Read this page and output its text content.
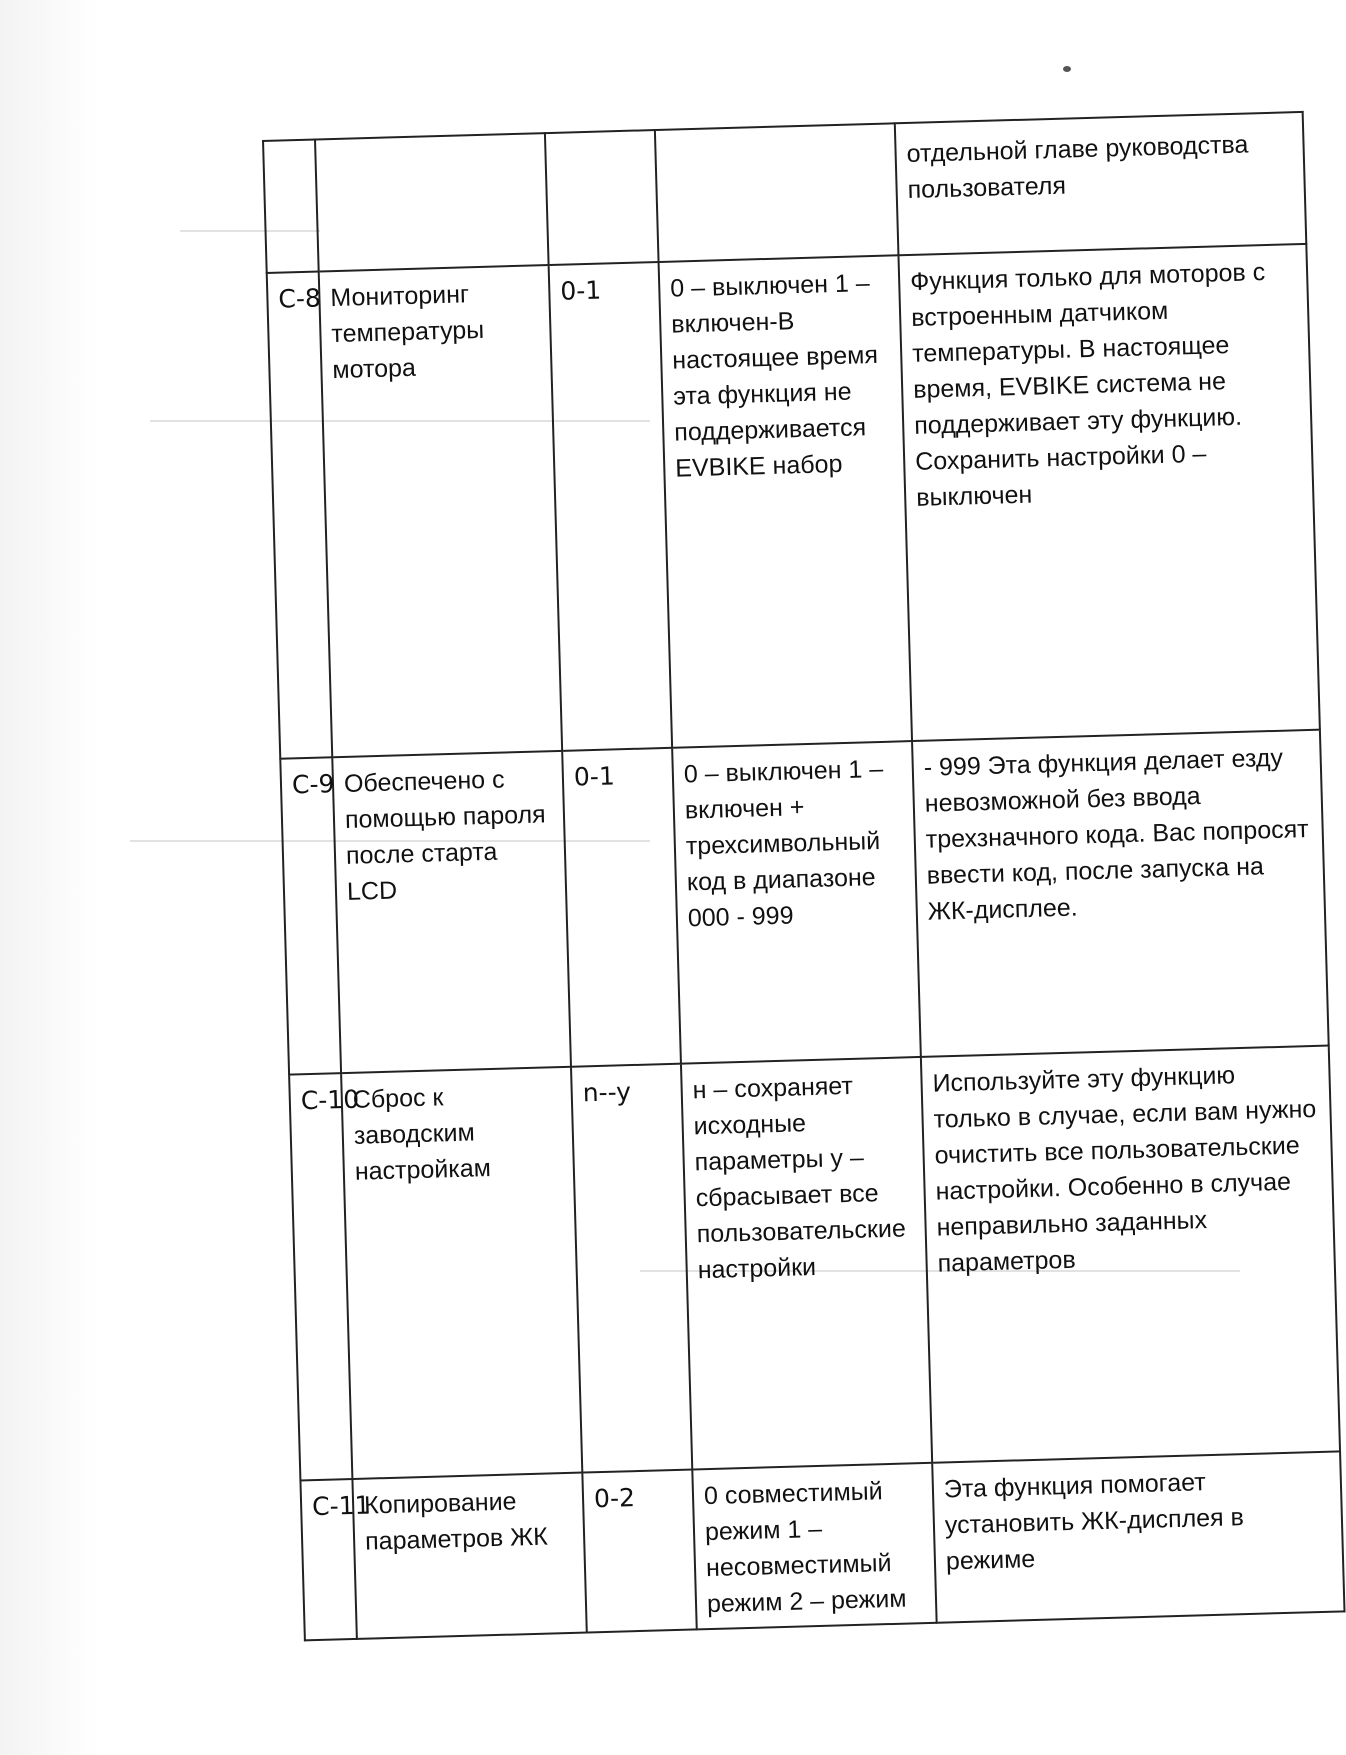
				отдельной главе руководства пользователя
С-8	Мониторинг температуры мотора	0-1	0 – выключен 1 – включен-В настоящее время эта функция не поддерживается EVBIKE набор	Функция только для моторов с встроенным датчиком температуры. В настоящее время, EVBIKE система не поддерживает эту функцию. Сохранить настройки 0 – выключен
С-9	Обеспечено с помощью пароля после старта LCD	0-1	0 – выключен 1 – включен + трехсимвольный код в диапазоне 000 - 999	- 999 Эта функция делает езду невозможной без ввода трехзначного кода. Вас попросят ввести код, после запуска на ЖК-дисплее.
С-10	Сброс к заводским настройкам	n--y	н – сохраняет исходные параметры у – сбрасывает все пользовательские настройки	Используйте эту функцию только в случае, если вам нужно очистить все пользовательские настройки. Особенно в случае неправильно заданных параметров
С-11	Копирование параметров ЖК	0-2	0 совместимый режим 1 – несовместимый режим 2 – режим	Эта функция помогает установить ЖК-дисплея в режиме
